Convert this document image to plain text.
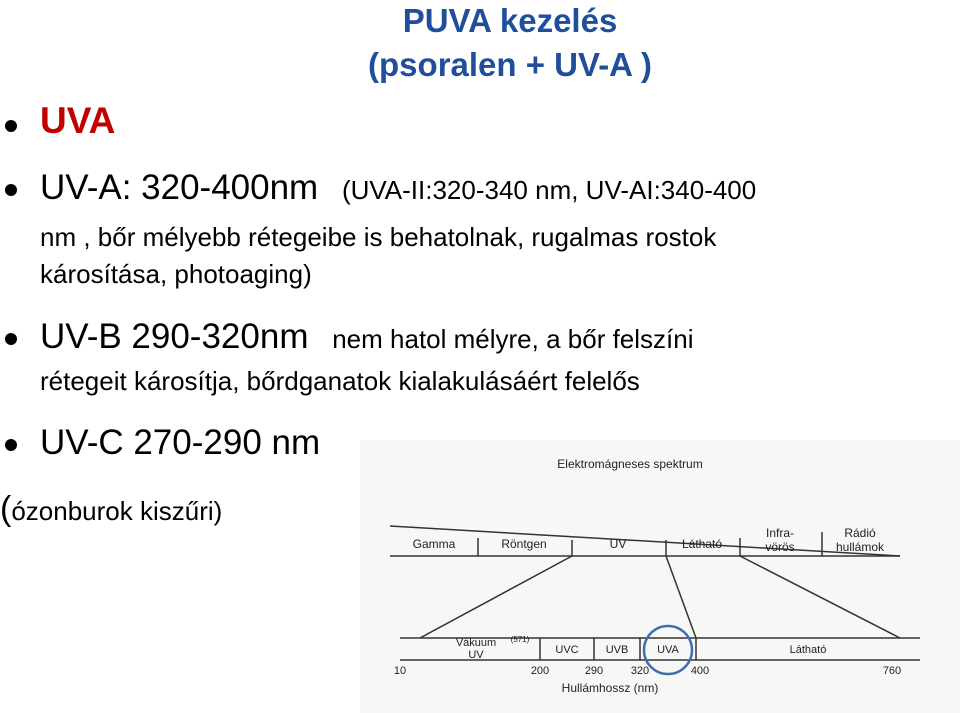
PUVA kezelés
(psoralen + UV-A )
UVA
UV-A: 320-400nm (UVA-II:320-340 nm, UV-AI:340-400
nm , bőr mélyebb rétegeibe is behatolnak, rugalmas rostok
károsítása, photoaging)
UV-B 290-320nm nem hatol mélyre, a bőr felszíni
rétegeit károsítja, bőrdganatok kialakulásáért felelős
UV-C 270-290 nm
(ózonburok kiszűri)
Elektromágneses spektrum
Gamma	Röntgen	UV	Látható
Infra-
vörös
Rádió
hullámok
Vákuum (571)
UV	UVC UVB	UVA	Látható
10	200	290	320	400	760
Hullámhossz (nm)
